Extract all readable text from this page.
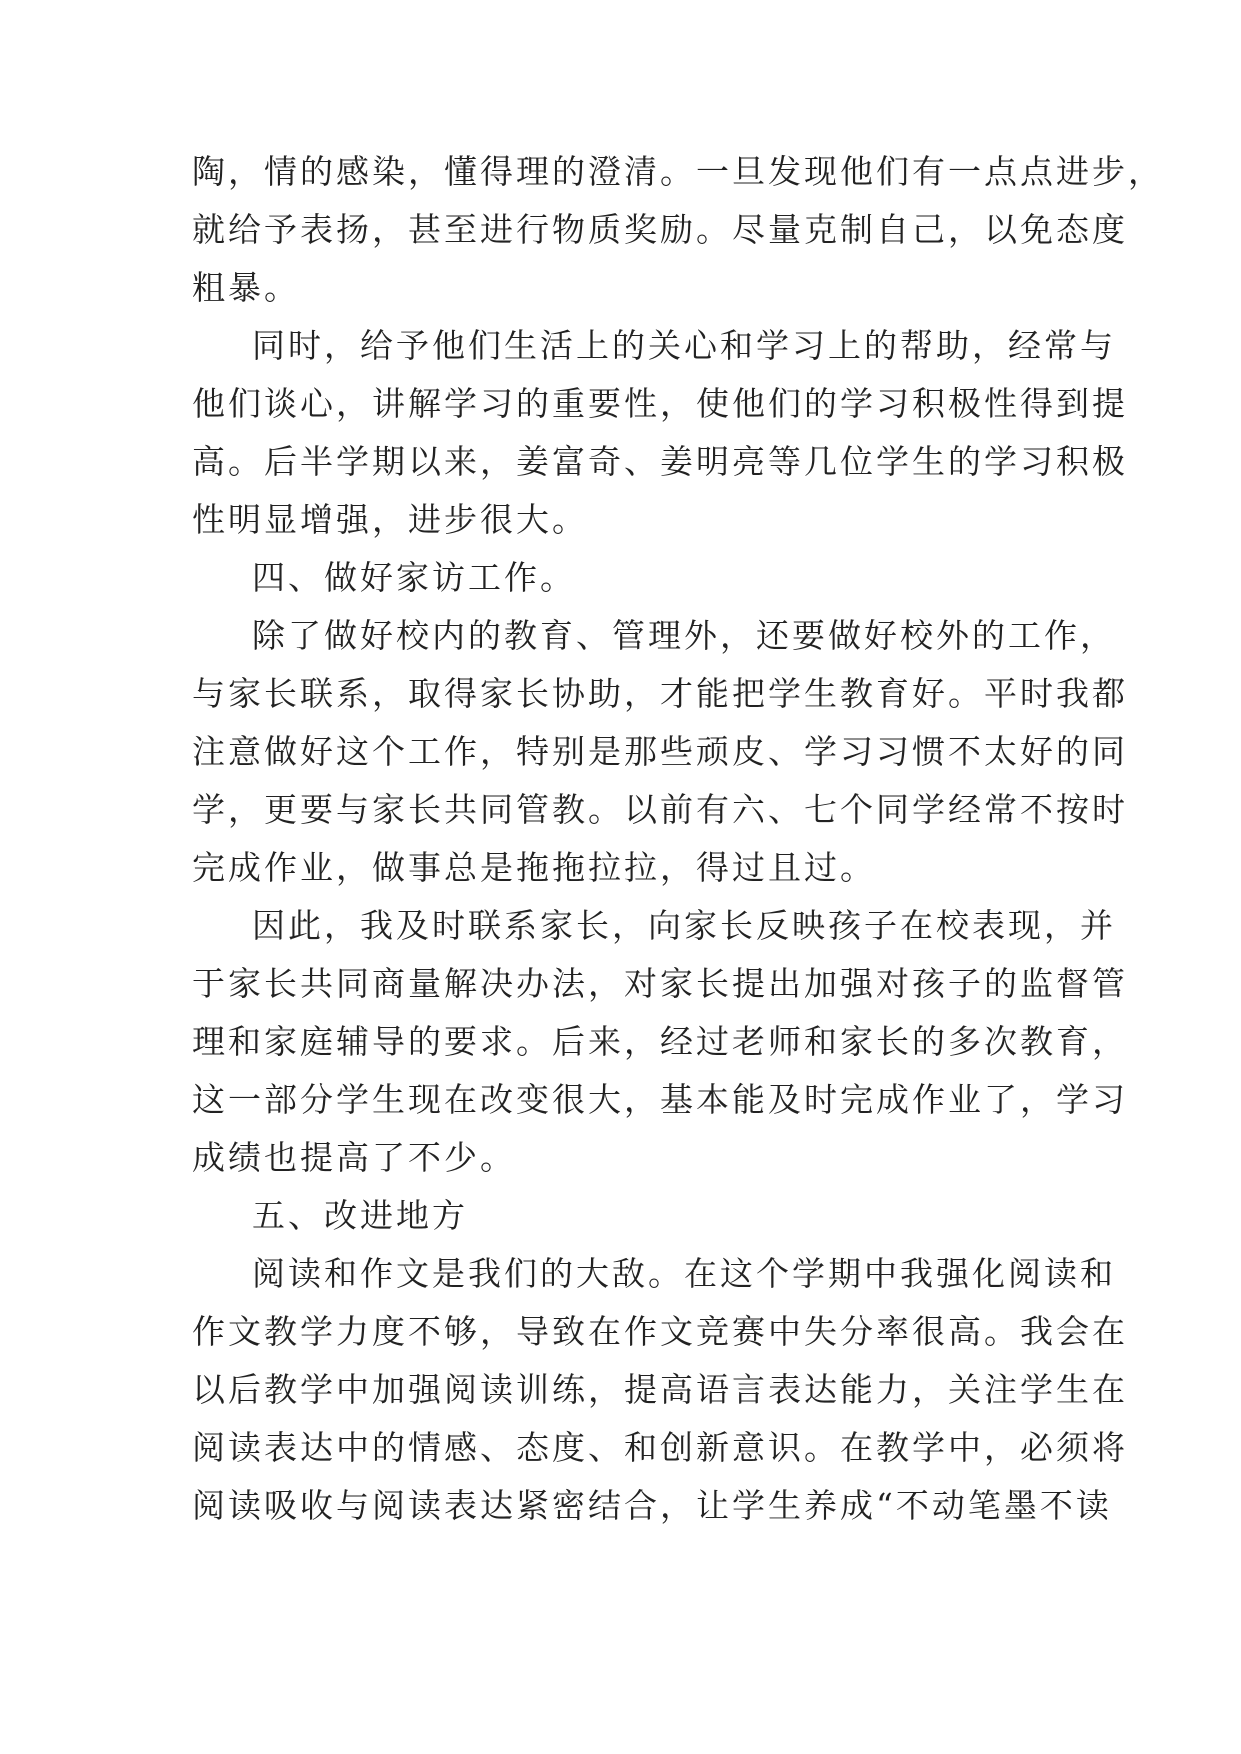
陶，情的感染，懂得理的澄清。一旦发现他们有一点点进步，
就给予表扬，甚至进行物质奖励。尽量克制自己，以免态度
粗暴。
同时，给予他们生活上的关心和学习上的帮助，经常与
他们谈心，讲解学习的重要性，使他们的学习积极性得到提
高。后半学期以来，姜富奇、姜明亮等几位学生的学习积极
性明显增强，进步很大。
四、做好家访工作。
除了做好校内的教育、管理外，还要做好校外的工作，
与家长联系，取得家长协助，才能把学生教育好。平时我都
注意做好这个工作，特别是那些顽皮、学习习惯不太好的同
学，更要与家长共同管教。以前有六、七个同学经常不按时
完成作业，做事总是拖拖拉拉，得过且过。
因此，我及时联系家长，向家长反映孩子在校表现，并
于家长共同商量解决办法，对家长提出加强对孩子的监督管
理和家庭辅导的要求。后来，经过老师和家长的多次教育，
这一部分学生现在改变很大，基本能及时完成作业了，学习
成绩也提高了不少。
五、改进地方
阅读和作文是我们的大敌。在这个学期中我强化阅读和
作文教学力度不够，导致在作文竞赛中失分率很高。我会在
以后教学中加强阅读训练，提高语言表达能力，关注学生在
阅读表达中的情感、态度、和创新意识。在教学中，必须将
阅读吸收与阅读表达紧密结合，让学生养成“不动笔墨不读
